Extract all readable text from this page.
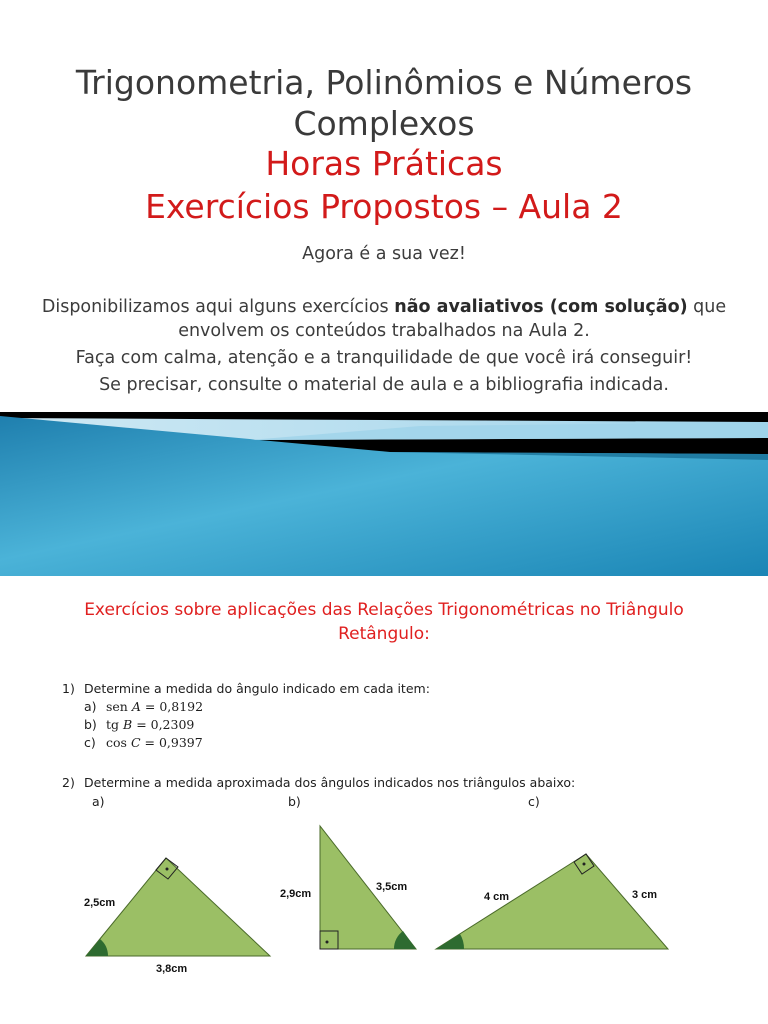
Trigonometria, Polinômios e Números
Complexos
Horas Práticas
Exercícios Propostos – Aula 2
Agora é a sua vez!
Disponibilizamos aqui alguns exercícios não avaliativos (com solução) que
envolvem os conteúdos trabalhados na Aula 2.
Faça com calma, atenção e a tranquilidade de que você irá conseguir!
Se precisar, consulte o material de aula e a bibliografia indicada.
Exercícios sobre aplicações das Relações Trigonométricas no Triângulo
Retângulo:
1) Determine a medida do ângulo indicado em cada item:
a) sen A = 0,8192
b) tg B = 0,2309
c) cos C = 0,9397
2) Determine a medida aproximada dos ângulos indicados nos triângulos abaixo:
a)	b)	c)
2,5cm
3,8cm
2,9cm
3,5cm
4 cm	3 cm
